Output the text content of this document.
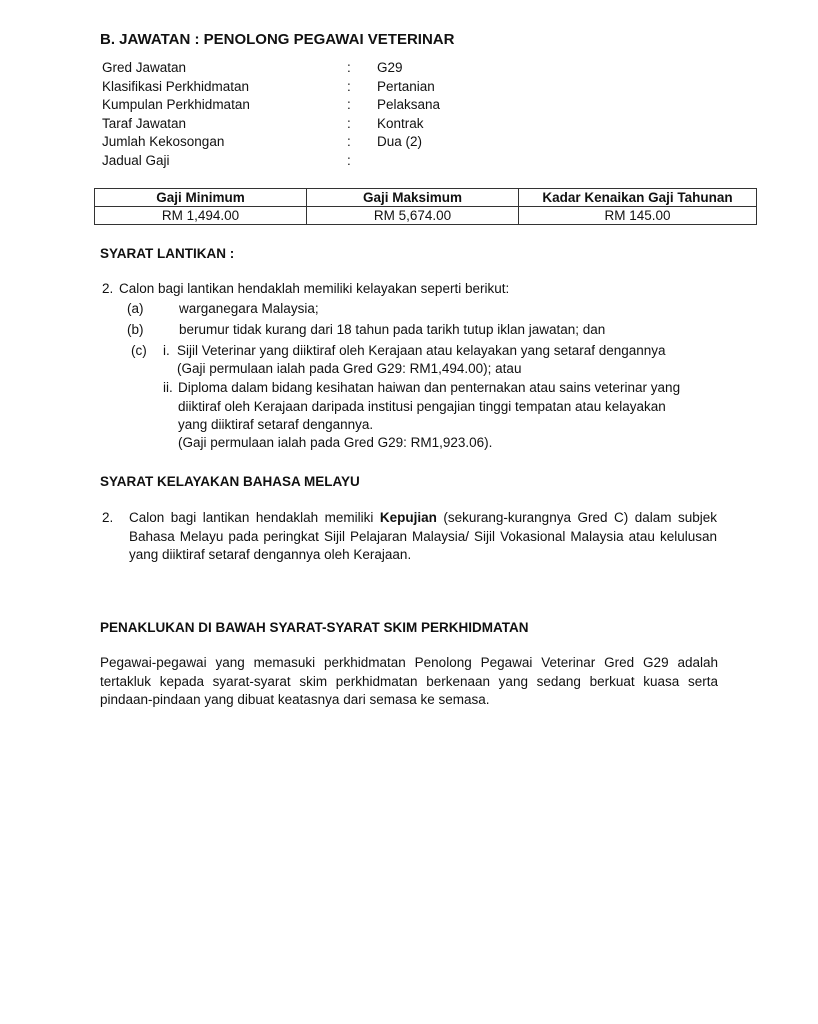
B. JAWATAN : PENOLONG PEGAWAI VETERINAR
Gred Jawatan	:	G29
Klasifikasi Perkhidmatan	:	Pertanian
Kumpulan Perkhidmatan	:	Pelaksana
Taraf Jawatan	:	Kontrak
Jumlah Kekosongan	:	Dua (2)
Jadual Gaji	:	
Gaji Minimum	Gaji Maksimum	Kadar Kenaikan Gaji Tahunan
RM 1,494.00	RM 5,674.00	RM 145.00
SYARAT LANTIKAN :
2. Calon bagi lantikan hendaklah memiliki kelayakan seperti berikut:
(a)	warganegara Malaysia;
(b)	berumur tidak kurang dari 18 tahun pada tarikh tutup iklan jawatan; dan
(c) i. Sijil Veterinar yang diiktiraf oleh Kerajaan atau kelayakan yang setaraf dengannya
(Gaji permulaan ialah pada Gred G29: RM1,494.00); atau
ii. Diploma dalam bidang kesihatan haiwan dan penternakan atau sains veterinar yang
diiktiraf oleh Kerajaan daripada institusi pengajian tinggi tempatan atau kelayakan
yang diiktiraf setaraf dengannya.
(Gaji permulaan ialah pada Gred G29: RM1,923.06).
SYARAT KELAYAKAN BAHASA MELAYU
2. Calon bagi lantikan hendaklah memiliki Kepujian (sekurang-kurangnya Gred C) dalam subjek Bahasa Melayu pada peringkat Sijil Pelajaran Malaysia/ Sijil Vokasional Malaysia atau kelulusan yang diiktiraf setaraf dengannya oleh Kerajaan.
PENAKLUKAN DI BAWAH SYARAT-SYARAT SKIM PERKHIDMATAN
Pegawai-pegawai yang memasuki perkhidmatan Penolong Pegawai Veterinar Gred G29 adalah tertakluk kepada syarat-syarat skim perkhidmatan berkenaan yang sedang berkuat kuasa serta pindaan-pindaan yang dibuat keatasnya dari semasa ke semasa.
